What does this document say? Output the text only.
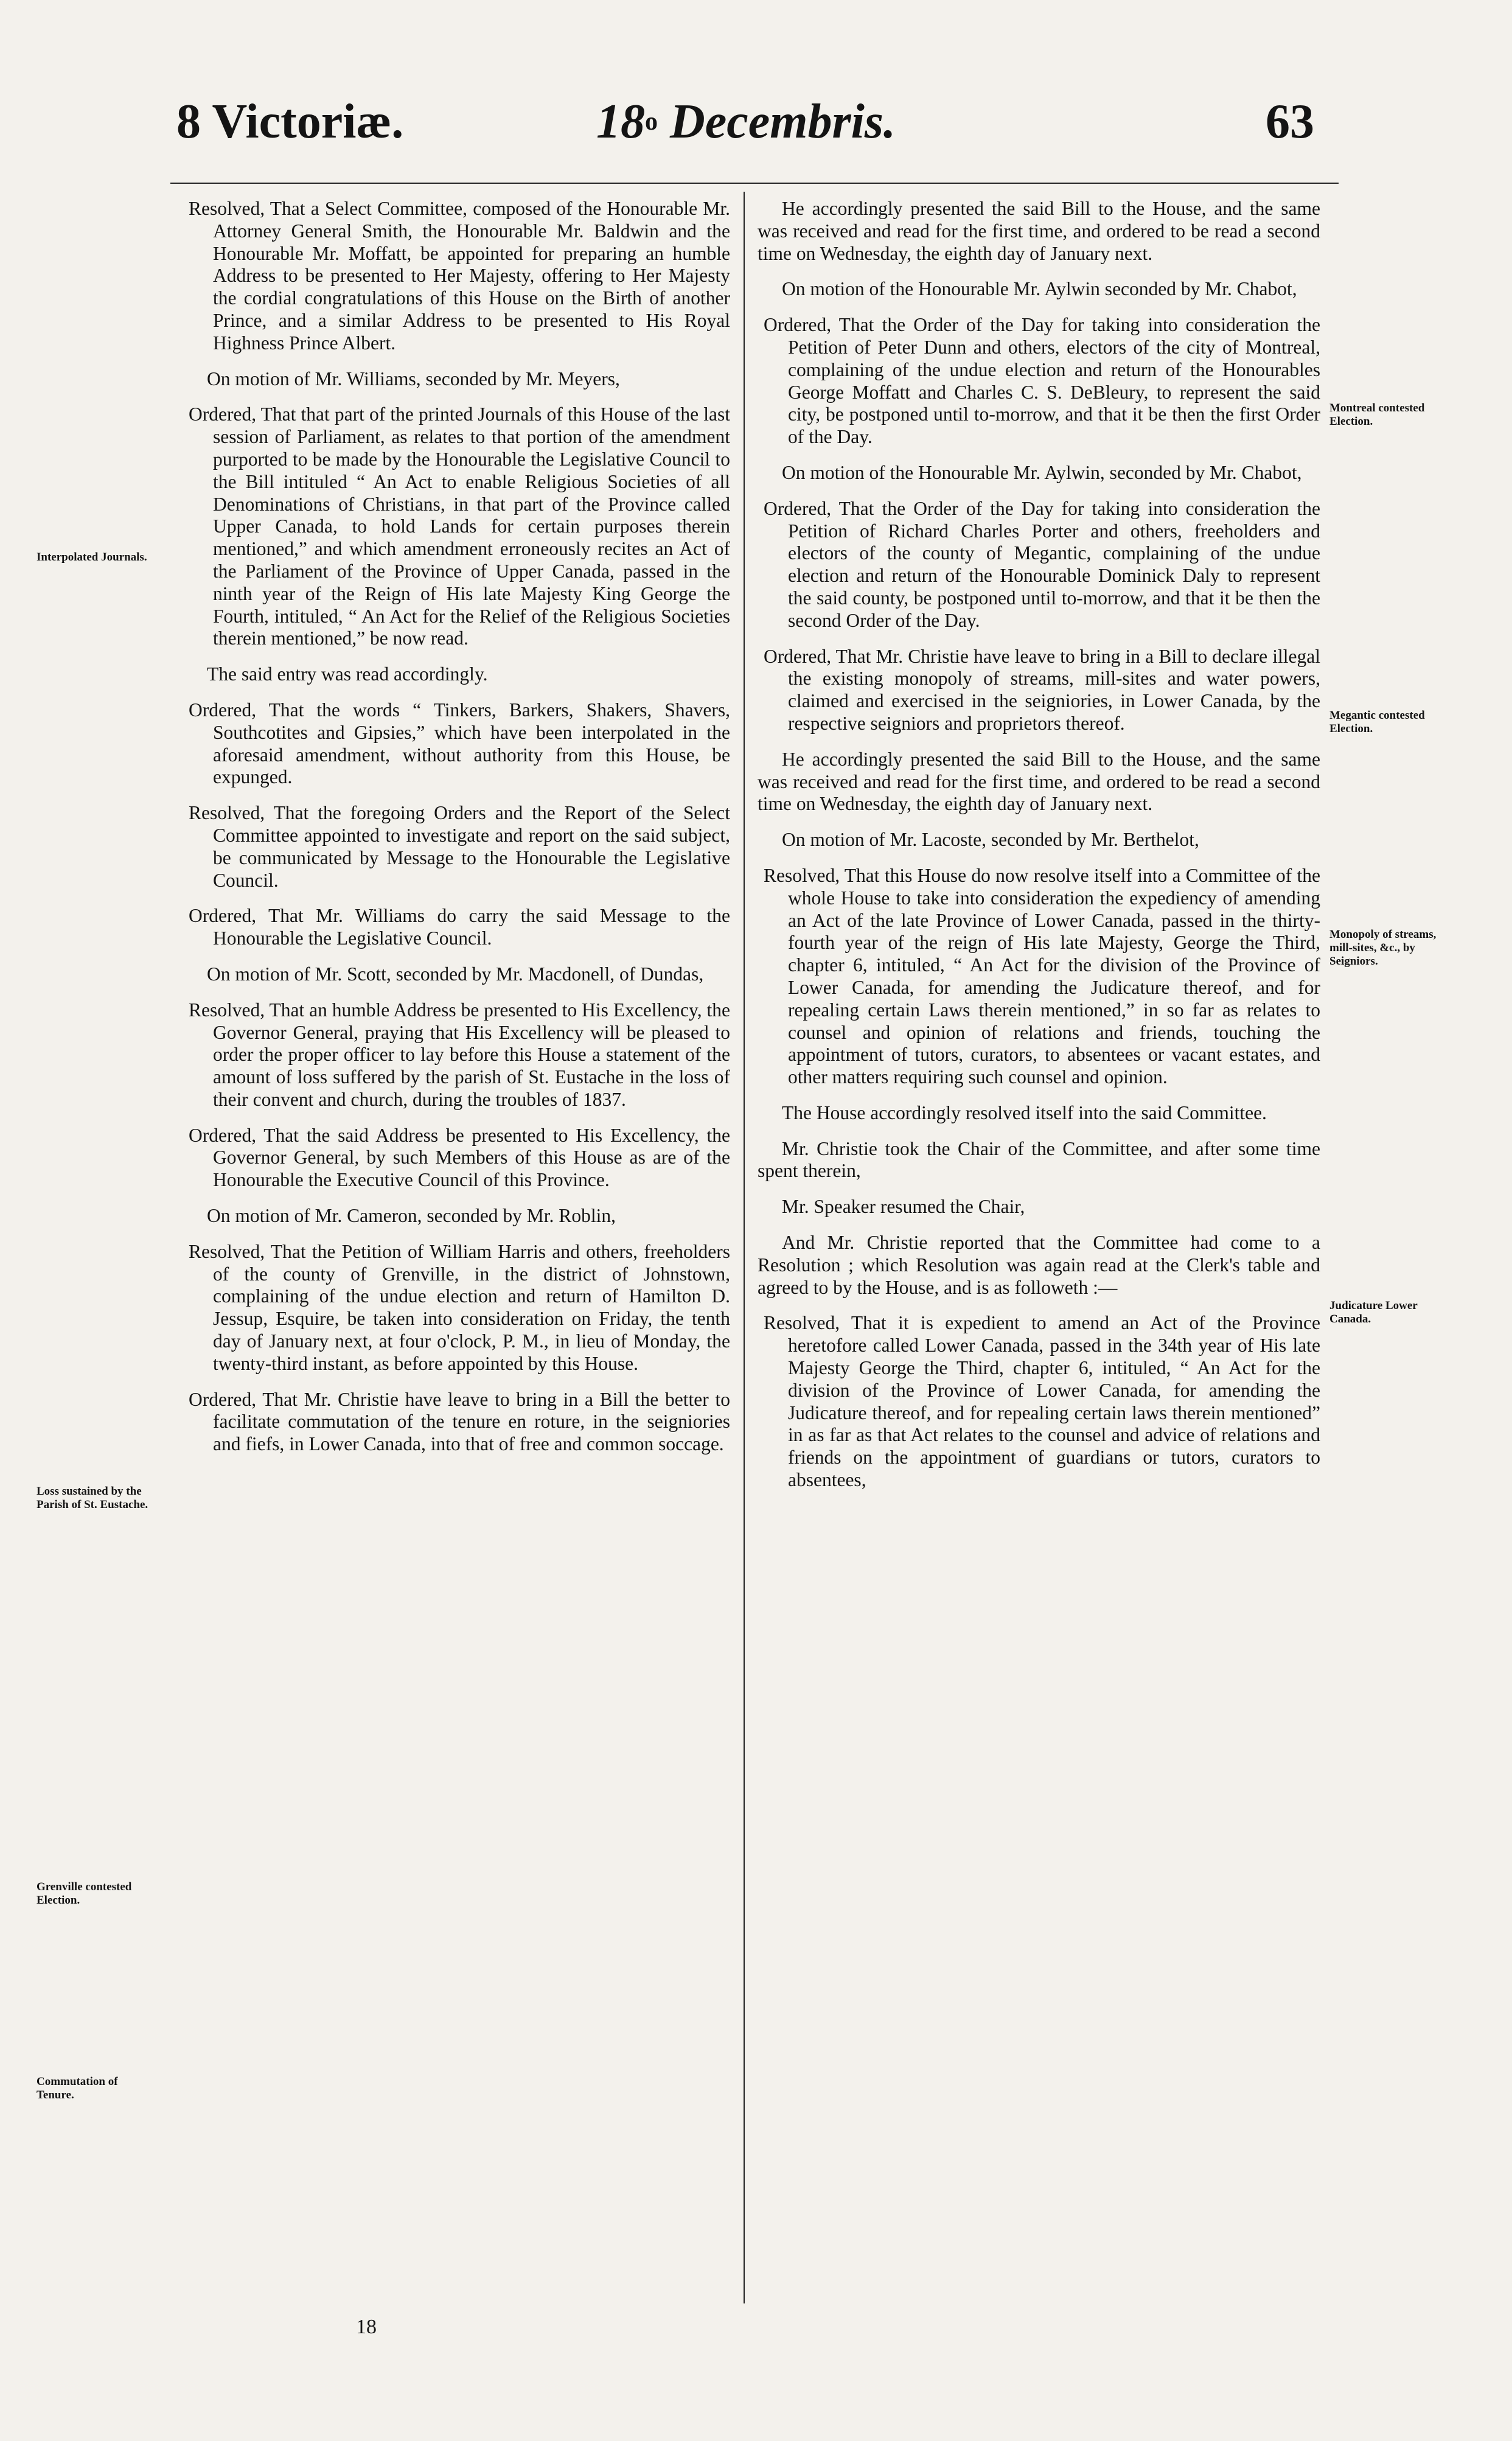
8 Victoriæ.	18$^o$ Decembris.	63

Resolved, That a Select Committee, composed of the Honourable Mr. Attorney General Smith, the Honourable Mr. Baldwin and the Honourable Mr. Moffatt, be appointed for preparing an humble Address to be presented to Her Majesty, offering to Her Majesty the cordial congratulations of this House on the Birth of another Prince, and a similar Address to be presented to His Royal Highness Prince Albert.

On motion of Mr. Williams, seconded by Mr. Meyers,

Ordered, That that part of the printed Journals of this House of the last session of Parliament, as relates to that portion of the amendment purported to be made by the Honourable the Legislative Council to the Bill intituled “ An Act to enable Religious Societies of all Denominations of Christians, in that part of the Province called Upper Canada, to hold Lands for certain purposes therein mentioned,” and which amendment erroneously recites an Act of the Parliament of the Province of Upper Canada, passed in the ninth year of the Reign of His late Majesty King George the Fourth, intituled, “ An Act for the Relief of the Religious Societies therein mentioned,” be now read.

The said entry was read accordingly.

Ordered, That the words “ Tinkers, Barkers, Shakers, Shavers, Southcotites and Gipsies,” which have been interpolated in the aforesaid amendment, without authority from this House, be expunged.

Resolved, That the foregoing Orders and the Report of the Select Committee appointed to investigate and report on the said subject, be communicated by Message to the Honourable the Legislative Council.

Ordered, That Mr. Williams do carry the said Message to the Honourable the Legislative Council.

On motion of Mr. Scott, seconded by Mr. Macdonell, of Dundas,

Resolved, That an humble Address be presented to His Excellency, the Governor General, praying that His Excellency will be pleased to order the proper officer to lay before this House a statement of the amount of loss suffered by the parish of St. Eustache in the loss of their convent and church, during the troubles of 1837.

Ordered, That the said Address be presented to His Excellency, the Governor General, by such Members of this House as are of the Honourable the Executive Council of this Province.

On motion of Mr. Cameron, seconded by Mr. Roblin,

Resolved, That the Petition of William Harris and others, freeholders of the county of Grenville, in the district of Johnstown, complaining of the undue election and return of Hamilton D. Jessup, Esquire, be taken into consideration on Friday, the tenth day of January next, at four o'clock, P. M., in lieu of Monday, the twenty-third instant, as before appointed by this House.

Ordered, That Mr. Christie have leave to bring in a Bill the better to facilitate commutation of the tenure en roture, in the seigniories and fiefs, in Lower Canada, into that of free and common soccage.

He accordingly presented the said Bill to the House, and the same was received and read for the first time, and ordered to be read a second time on Wednesday, the eighth day of January next.

On motion of the Honourable Mr. Aylwin seconded by Mr. Chabot,

Ordered, That the Order of the Day for taking into consideration the Petition of Peter Dunn and others, electors of the city of Montreal, complaining of the undue election and return of the Honourables George Moffatt and Charles C. S. DeBleury, to represent the said city, be postponed until to-morrow, and that it be then the first Order of the Day.

On motion of the Honourable Mr. Aylwin, seconded by Mr. Chabot,

Ordered, That the Order of the Day for taking into consideration the Petition of Richard Charles Porter and others, freeholders and electors of the county of Megantic, complaining of the undue election and return of the Honourable Dominick Daly to represent the said county, be postponed until to-morrow, and that it be then the second Order of the Day.

Ordered, That Mr. Christie have leave to bring in a Bill to declare illegal the existing monopoly of streams, mill-sites and water powers, claimed and exercised in the seigniories, in Lower Canada, by the respective seigniors and proprietors thereof.

He accordingly presented the said Bill to the House, and the same was received and read for the first time, and ordered to be read a second time on Wednesday, the eighth day of January next.

On motion of Mr. Lacoste, seconded by Mr. Berthelot,

Resolved, That this House do now resolve itself into a Committee of the whole House to take into consideration the expediency of amending an Act of the late Province of Lower Canada, passed in the thirty-fourth year of the reign of His late Majesty, George the Third, chapter 6, intituled, “ An Act for the division of the Province of Lower Canada, for amending the Judicature thereof, and for repealing certain Laws therein mentioned,” in so far as relates to counsel and opinion of relations and friends, touching the appointment of tutors, curators, to absentees or vacant estates, and other matters requiring such counsel and opinion.

The House accordingly resolved itself into the said Committee.

Mr. Christie took the Chair of the Committee, and after some time spent therein,

Mr. Speaker resumed the Chair,

And Mr. Christie reported that the Committee had come to a Resolution ; which Resolution was again read at the Clerk's table and agreed to by the House, and is as followeth :—

Resolved, That it is expedient to amend an Act of the Province heretofore called Lower Canada, passed in the 34th year of His late Majesty George the Third, chapter 6, intituled, “ An Act for the division of the Province of Lower Canada, for amending the Judicature thereof, and for repealing certain laws therein mentioned” in as far as that Act relates to the counsel and advice of relations and friends on the appointment of guardians or tutors, curators to absentees,

Interpolated Journals.
Loss sustained by the Parish of St. Eustache.
Grenville contested Election.
Commutation of Tenure.
Montreal contested Election.
Megantic contested Election.
Monopoly of streams, mill-sites, &c., by Seigniors.
Judicature Lower Canada.
18
